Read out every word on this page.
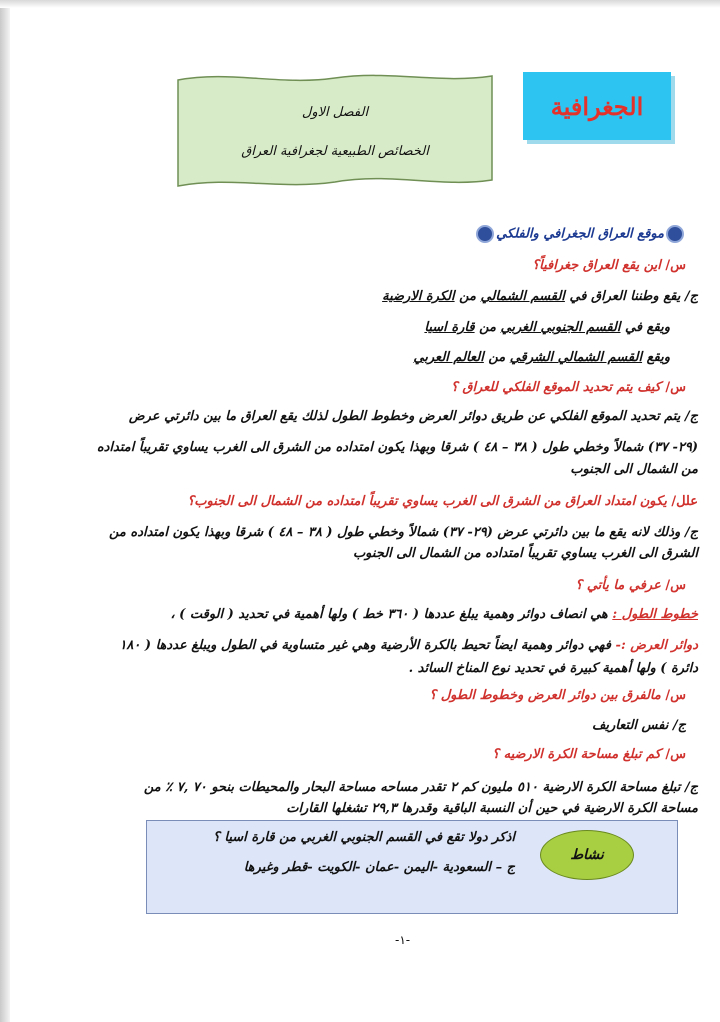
الجغرافية
الفصل الاول
الخصائص الطبيعية لجغرافية العراق
موقع العراق الجغرافي والفلكي
س/ اين يقع العراق جغرافياً؟
ج/ يقع وطننا العراق في القسم الشمالي من الكرة الارضية
ويقع في القسم الجنوبي الغربي من قارة اسيا
ويقع القسم الشمالي الشرقي من العالم العربي
س/ كيف يتم تحديد الموقع الفلكي للعراق ؟
ج/ يتم تحديد الموقع الفلكي عن طريق دوائر العرض وخطوط الطول لذلك يقع العراق ما بين دائرتي عرض
(٢٩- ٣٧) شمالاً وخطي طول ( ٣٨ – ٤٨ ) شرقا وبهذا يكون امتداده من الشرق الى الغرب يساوي تقريباً امتداده
من الشمال الى الجنوب
علل/ يكون امتداد العراق من الشرق الى الغرب يساوي تقريباً امتداده من الشمال الى الجنوب؟
ج/ وذلك لانه يقع ما بين دائرتي عرض (٢٩- ٣٧) شمالاً وخطي طول ( ٣٨ – ٤٨ ) شرقا وبهذا يكون امتداده من
الشرق الى الغرب يساوي تقريباً امتداده من الشمال الى الجنوب
س/ عرفي ما يأتي ؟
خطوط الطول : هي انصاف دوائر وهمية يبلغ عددها ( ٣٦٠ خط ) ولها أهمية في تحديد ( الوقت ) ،
دوائر العرض :- فهي دوائر وهمية ايضاً تحيط بالكرة الأرضية وهي غير متساوية في الطول ويبلغ عددها ( ١٨٠
دائرة ) ولها أهمية كبيرة في تحديد نوع المناخ السائد .
س/ مالفرق بين دوائر العرض وخطوط الطول ؟
ج/ نفس التعاريف
س/ كم تبلغ مساحة الكرة الارضيه ؟
ج/ تبلغ مساحة الكرة الارضية ٥١٠ مليون كم ٢ تقدر مساحه مساحة البحار والمحيطات بنحو ٧٠ ,٧ ٪ من
مساحة الكرة الارضية في حين أن النسبة الباقية وقدرها ٢٩,٣ تشغلها القارات
نشاط
اذكر دولا تقع في القسم الجنوبي الغربي من قارة اسيا ؟
ج – السعودية -اليمن -عمان -الكويت -قطر وغيرها
-١-
